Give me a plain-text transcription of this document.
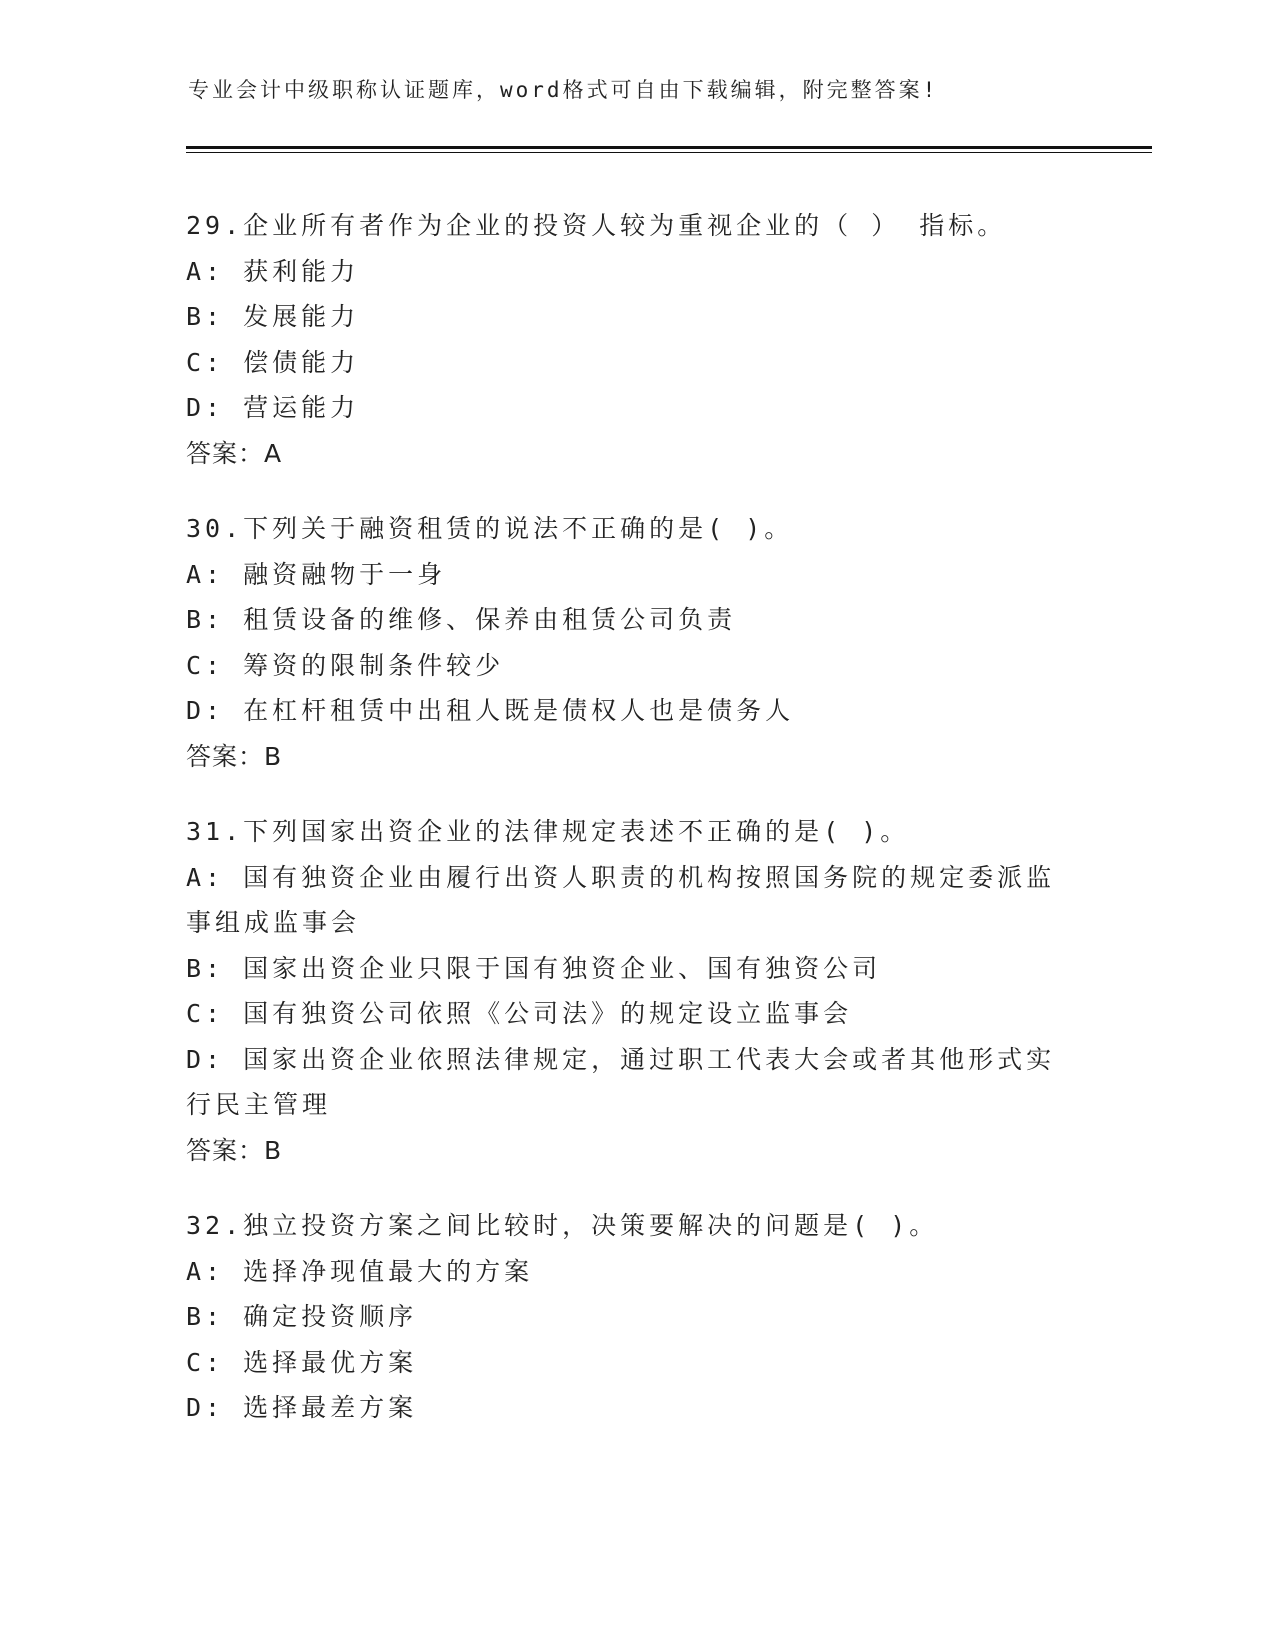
专业会计中级职称认证题库，word格式可自由下载编辑，附完整答案!
29.企业所有者作为企业的投资人较为重视企业的（ ） 指标。
A: 获利能力
B: 发展能力
C: 偿债能力
D: 营运能力
答案：A
30.下列关于融资租赁的说法不正确的是( )。
A: 融资融物于一身
B: 租赁设备的维修、保养由租赁公司负责
C: 筹资的限制条件较少
D: 在杠杆租赁中出租人既是债权人也是债务人
答案：B
31.下列国家出资企业的法律规定表述不正确的是( )。
A: 国有独资企业由履行出资人职责的机构按照国务院的规定委派监事组成监事会
B: 国家出资企业只限于国有独资企业、国有独资公司
C: 国有独资公司依照《公司法》的规定设立监事会
D: 国家出资企业依照法律规定，通过职工代表大会或者其他形式实行民主管理
答案：B
32.独立投资方案之间比较时，决策要解决的问题是( )。
A: 选择净现值最大的方案
B: 确定投资顺序
C: 选择最优方案
D: 选择最差方案
